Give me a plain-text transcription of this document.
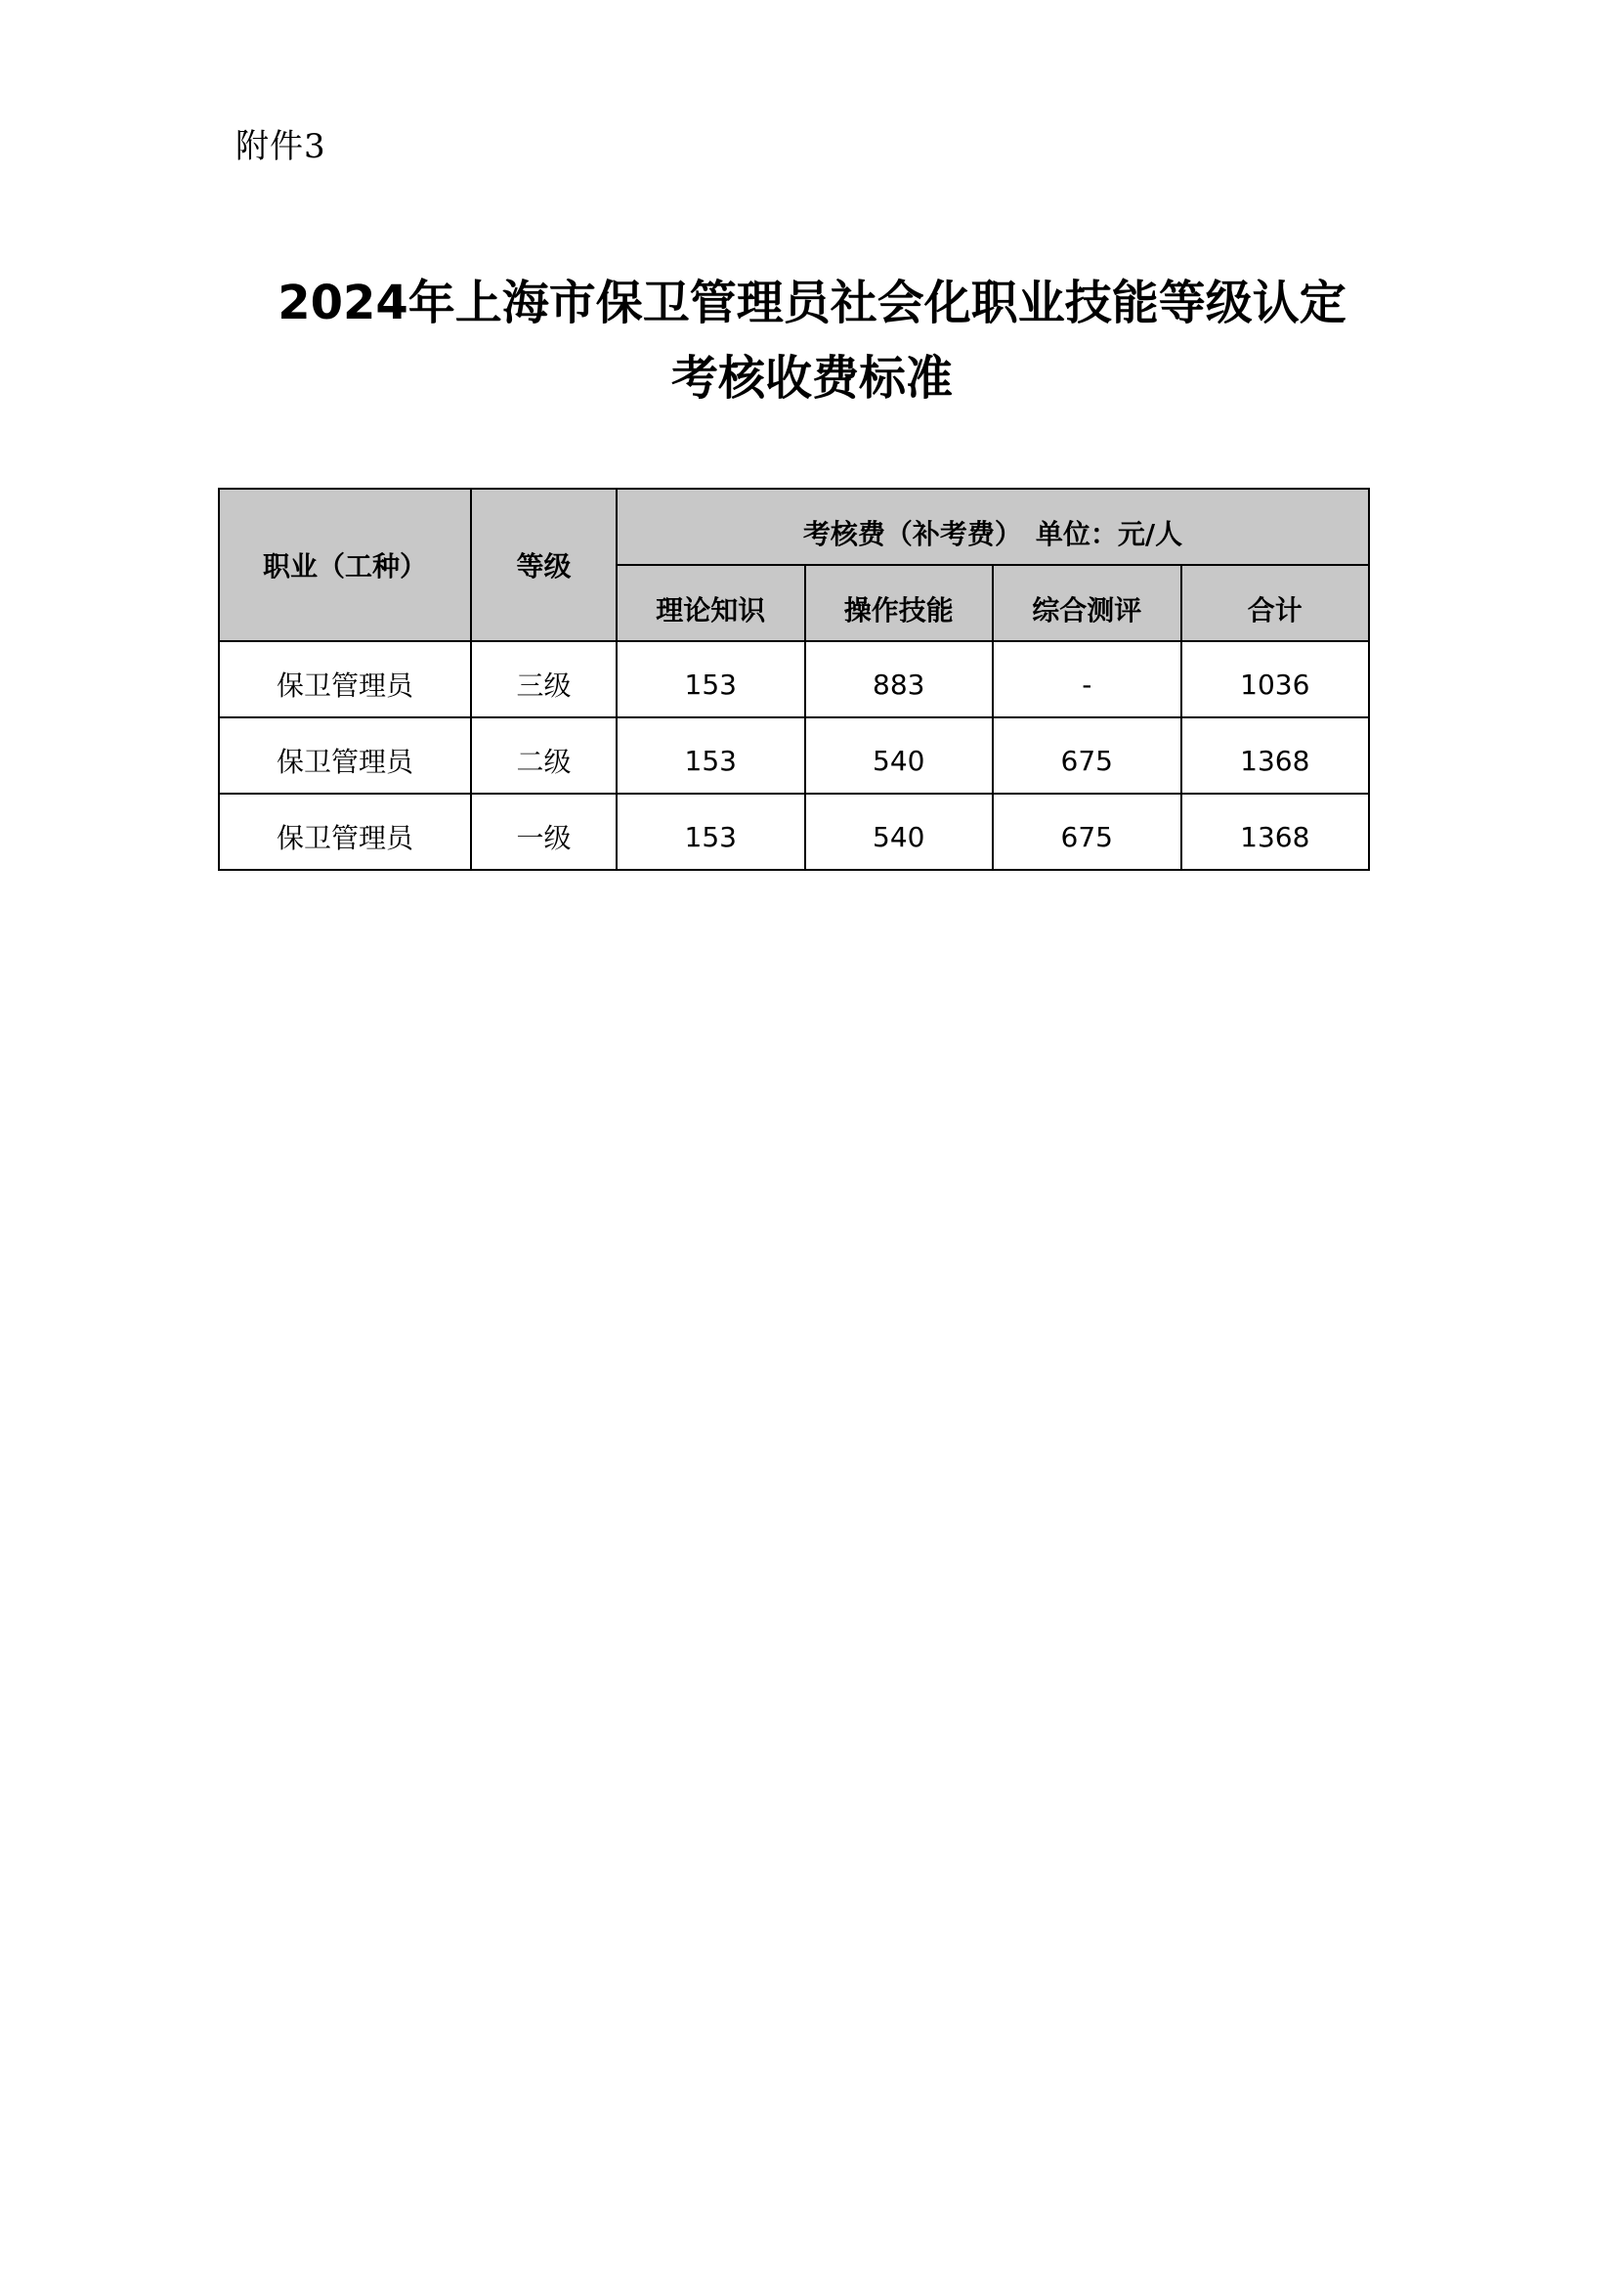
附件3
2024年上海市保卫管理员社会化职业技能等级认定
考核收费标准
职业（工种）	等级	考核费（补考费）　单位：元/人			
		理论知识	操作技能	综合测评	合计
保卫管理员	三级	153	883	-	1036
保卫管理员	二级	153	540	675	1368
保卫管理员	一级	153	540	675	1368
